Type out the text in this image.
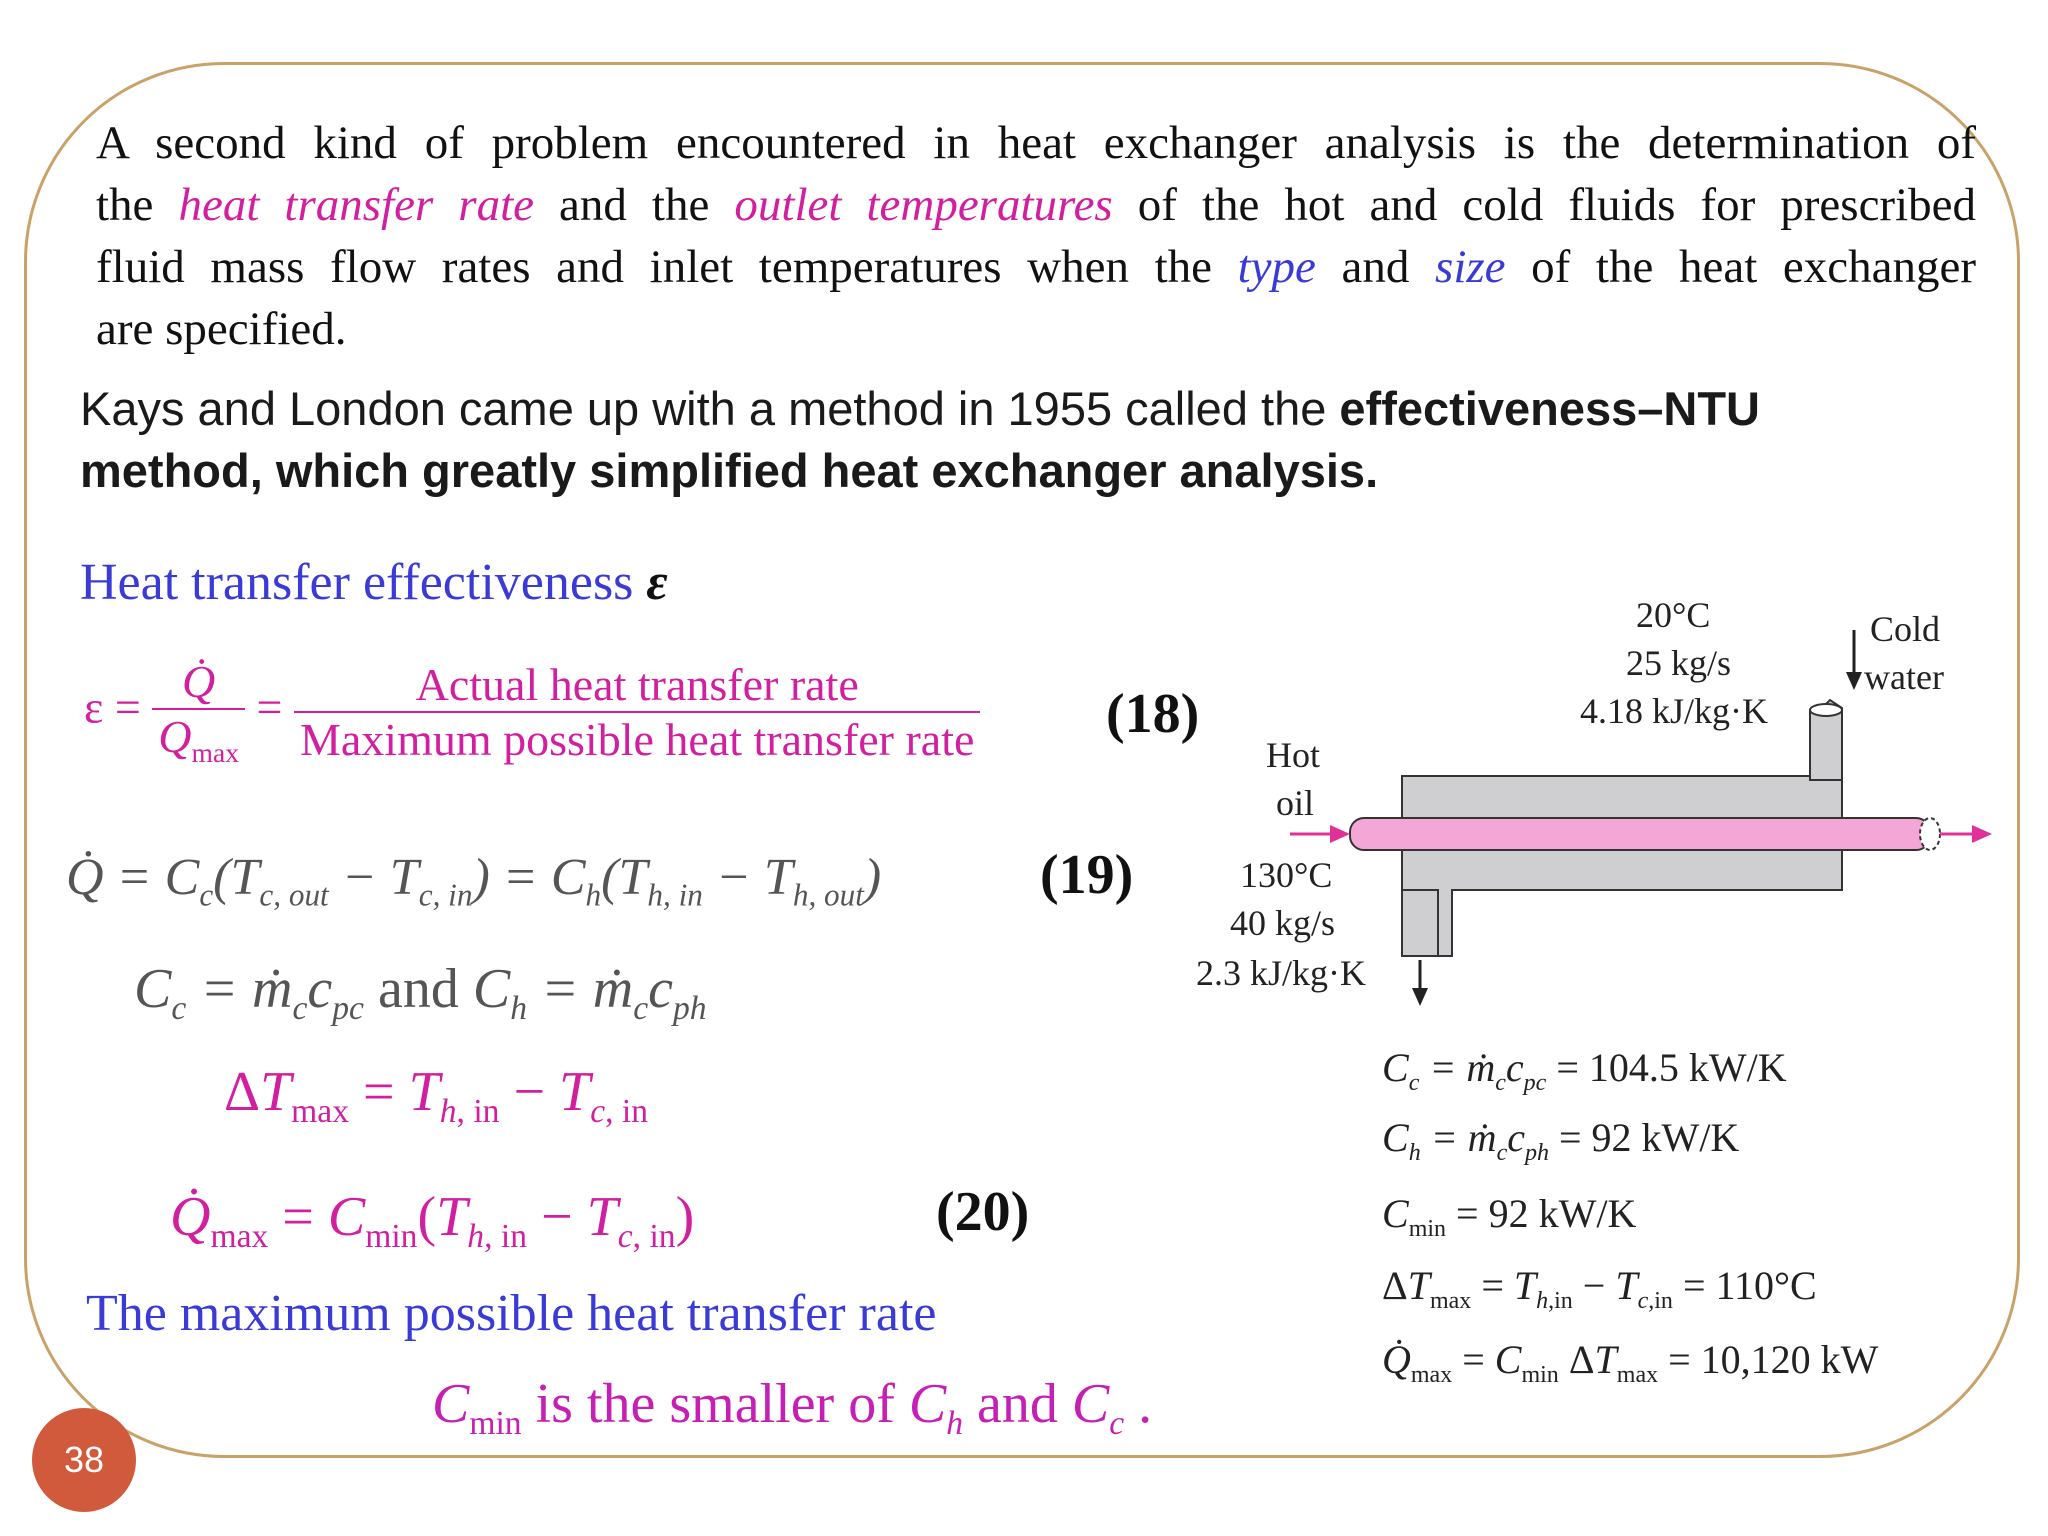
A second kind of problem encountered in heat exchanger analysis is the determination of
the heat transfer rate and the outlet temperatures of the hot and cold fluids for prescribed
fluid mass flow rates and inlet temperatures when the type and size of the heat exchanger
are specified.
Kays and London came up with a method in 1955 called the effectiveness–NTU
method, which greatly simplified heat exchanger analysis.
Heat transfer effectiveness ε
$\varepsilon = \frac{Q̇}{Q_{max}} = \frac{\text{Actual heat transfer rate}}{\text{Maximum possible heat transfer rate}} (18)$
Q̇ = $C_c(T_{c, out} - T_{c, in}) = C_h(T_{h, in} - T_{h, out})$	(19)
$C_c$ = $ṁ_cc_{pc}$ and $C_h$ = $ṁ_cc_{ph}$
$\Delta T_{max} = T_{h, in} - T_{c, in}$
$Q̇_{max} = C_{min}(T_{h, in} - T_{c, in})$	(20)
The maximum possible heat transfer rate
$C_{min}$ is the smaller of $C_h$ and $C_c$ .
20°C
25 kg/s
4.18 kJ/kg·K
Cold
water
Hot
oil
130°C
40 kg/s
2.3 kJ/kg·K
$C_c$ = $ṁ_cc_{pc} = 104.5$ kW/K
$C_h$ = $ṁ_cc_{ph} = 92$ kW/K
$C_{min} = 92$ kW/K
$\Delta T_{max} = T_{h,in} - T_{c,in} = 110^\circ C$
$Q̇_{max} = C_{min}$ $\Delta T_{max} = 10,120$ kW
38
